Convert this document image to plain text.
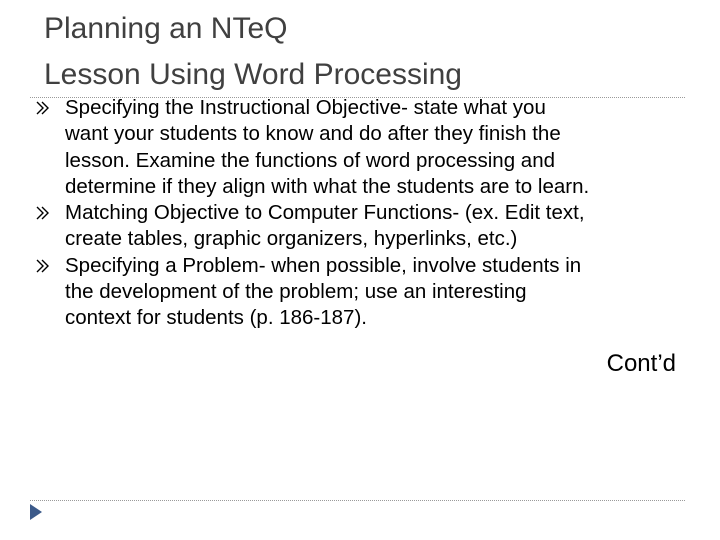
Planning an NTeQ
Lesson Using Word Processing
Specifying the Instructional Objective- state what you
want your students to know and do after they finish the
lesson. Examine the functions of word processing and
determine if they align with what the students are to learn.
Matching Objective to Computer Functions- (ex. Edit text,
create tables, graphic organizers, hyperlinks, etc.)
Specifying a Problem- when possible, involve students in
the development of the problem; use an interesting
context for students (p. 186-187).
Cont’d
